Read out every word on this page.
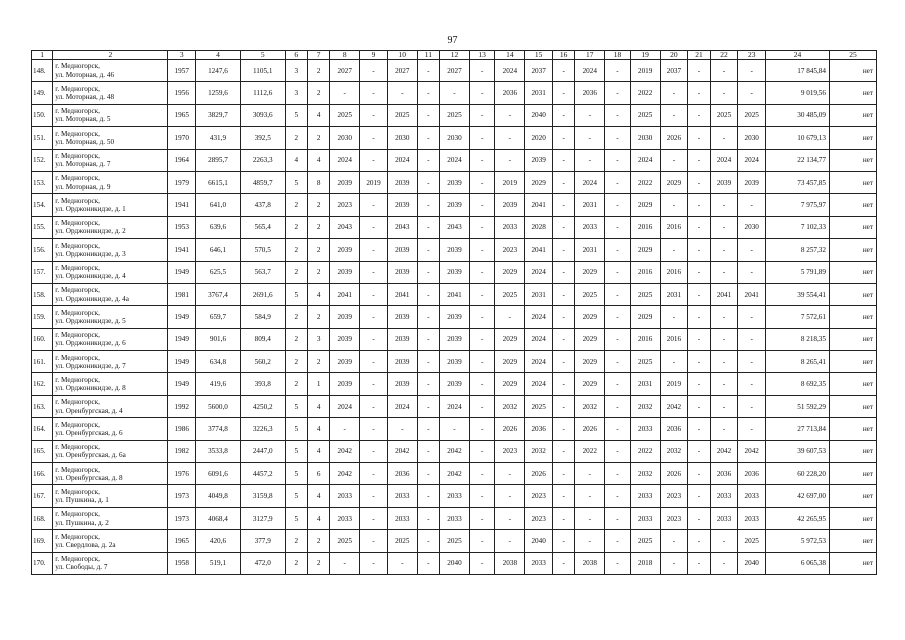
97
1	2	3	4	5	6	7	8	9	10	11	12	13	14	15	16	17	18	19	20	21	22	23	24	25
148.	г. Медногорск,
ул. Моторная, д. 46	1957	1247,6	1105,1	3	2	2027	-	2027	-	2027	-	2024	2037	-	2024	-	2019	2037	-	-	-	17 845,84	нет
149.	г. Медногорск,
ул. Моторная, д. 48	1956	1259,6	1112,6	3	2	-	-	-	-	-	-	2036	2031	-	2036	-	2022	-	-	-	-	9 019,56	нет
150.	г. Медногорск,
ул. Моторная, д. 5	1965	3829,7	3093,6	5	4	2025	-	2025	-	2025	-	-	2040	-	-	-	2025	-	-	2025	2025	30 485,09	нет
151.	г. Медногорск,
ул. Моторная, д. 50	1970	431,9	392,5	2	2	2030	-	2030	-	2030	-	-	2020	-	-	-	2030	2026	-	-	2030	10 679,13	нет
152.	г. Медногорск,
ул. Моторная, д. 7	1964	2895,7	2263,3	4	4	2024	-	2024	-	2024	-	-	2039	-	-	-	2024	-	-	2024	2024	22 134,77	нет
153.	г. Медногорск,
ул. Моторная, д. 9	1979	6615,1	4859,7	5	8	2039	2019	2039	-	2039	-	2019	2029	-	2024	-	2022	2029	-	2039	2039	73 457,85	нет
154.	г. Медногорск,
ул. Орджоникидзе, д. 1	1941	641,0	437,8	2	2	2023	-	2039	-	2039	-	2039	2041	-	2031	-	2029	-	-	-	-	7 975,97	нет
155.	г. Медногорск,
ул. Орджоникидзе, д. 2	1953	639,6	565,4	2	2	2043	-	2043	-	2043	-	2033	2028	-	2033	-	2016	2016	-	-	2030	7 102,33	нет
156.	г. Медногорск,
ул. Орджоникидзе, д. 3	1941	646,1	570,5	2	2	2039	-	2039	-	2039	-	2023	2041	-	2031	-	2029	-	-	-	-	8 257,32	нет
157.	г. Медногорск,
ул. Орджоникидзе, д. 4	1949	625,5	563,7	2	2	2039	-	2039	-	2039	-	2029	2024	-	2029	-	2016	2016	-	-	-	5 791,89	нет
158.	г. Медногорск,
ул. Орджоникидзе, д. 4а	1981	3767,4	2691,6	5	4	2041	-	2041	-	2041	-	2025	2031	-	2025	-	2025	2031	-	2041	2041	39 554,41	нет
159.	г. Медногорск,
ул. Орджоникидзе, д. 5	1949	659,7	584,9	2	2	2039	-	2039	-	2039	-	-	2024	-	2029	-	2029	-	-	-	-	7 572,61	нет
160.	г. Медногорск,
ул. Орджоникидзе, д. 6	1949	901,6	809,4	2	3	2039	-	2039	-	2039	-	2029	2024	-	2029	-	2016	2016	-	-	-	8 218,35	нет
161.	г. Медногорск,
ул. Орджоникидзе, д. 7	1949	634,8	560,2	2	2	2039	-	2039	-	2039	-	2029	2024	-	2029	-	2025	-	-	-	-	8 265,41	нет
162.	г. Медногорск,
ул. Орджоникидзе, д. 8	1949	419,6	393,8	2	1	2039	-	2039	-	2039	-	2029	2024	-	2029	-	2031	2019	-	-	-	8 692,35	нет
163.	г. Медногорск,
ул. Оренбургская, д. 4	1992	5600,0	4250,2	5	4	2024	-	2024	-	2024	-	2032	2025	-	2032	-	2032	2042	-	-	-	51 592,29	нет
164.	г. Медногорск,
ул. Оренбургская, д. 6	1986	3774,8	3226,3	5	4	-	-	-	-	-	-	2026	2036	-	2026	-	2033	2036	-	-	-	27 713,84	нет
165.	г. Медногорск,
ул. Оренбургская, д. 6а	1982	3533,8	2447,0	5	4	2042	-	2042	-	2042	-	2023	2032	-	2022	-	2022	2032	-	2042	2042	39 607,53	нет
166.	г. Медногорск,
ул. Оренбургская, д. 8	1976	6091,6	4457,2	5	6	2042	-	2036	-	2042	-	-	2026	-	-	-	2032	2026	-	2036	2036	60 228,20	нет
167.	г. Медногорск,
ул. Пушкина, д. 1	1973	4049,8	3159,8	5	4	2033	-	2033	-	2033	-	-	2023	-	-	-	2033	2023	-	2033	2033	42 697,00	нет
168.	г. Медногорск,
ул. Пушкина, д. 2	1973	4068,4	3127,9	5	4	2033	-	2033	-	2033	-	-	2023	-	-	-	2033	2023	-	2033	2033	42 265,95	нет
169.	г. Медногорск,
ул. Свердлова, д. 2а	1965	420,6	377,9	2	2	2025	-	2025	-	2025	-	-	2040	-	-	-	2025	-	-	-	2025	5 972,53	нет
170.	г. Медногорск,
ул. Свободы, д. 7	1958	519,1	472,0	2	2	-	-	-	-	2040	-	2038	2033	-	2038	-	2018	-	-	-	2040	6 065,38	нет
